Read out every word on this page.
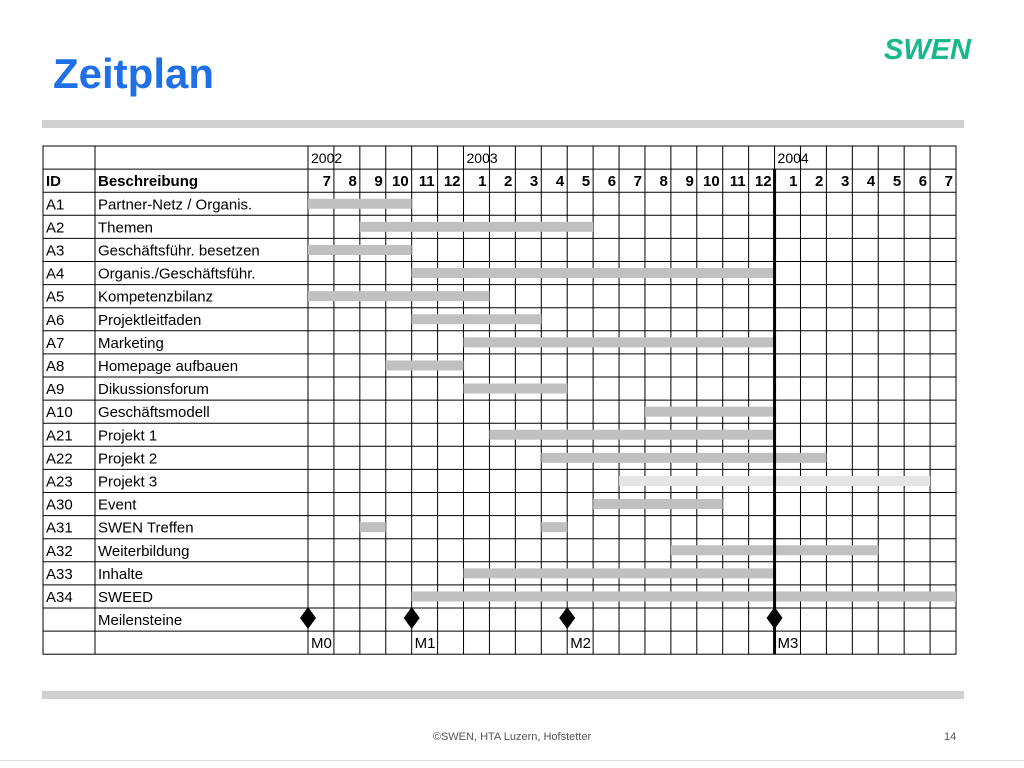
Zeitplan	SWEN
2002	2003	2004
ID Beschreibung	7 8 9 10 11 12 1 2 3 4 5 6 7 8 9 10 11 12 1 2 3 4 5 6 7
A1 Partner-Netz / Organis.
A2 Themen
A3 Geschäftsführ. besetzen
A4 Organis./Geschäftsführ.
A5 Kompetenzbilanz
A6 Projektleitfaden
A7 Marketing
A8 Homepage aufbauen
A9 Dikussionsforum
A10 Geschäftsmodell
A21 Projekt 1
A22 Projekt 2
A23 Projekt 3
A30 Event
A31 SWEN Treffen
A32 Weiterbildung
A33 Inhalte
A34 SWEED
Meilensteine
M0	M1	M2	M3
©SWEN, HTA Luzern, Hofstetter	14
